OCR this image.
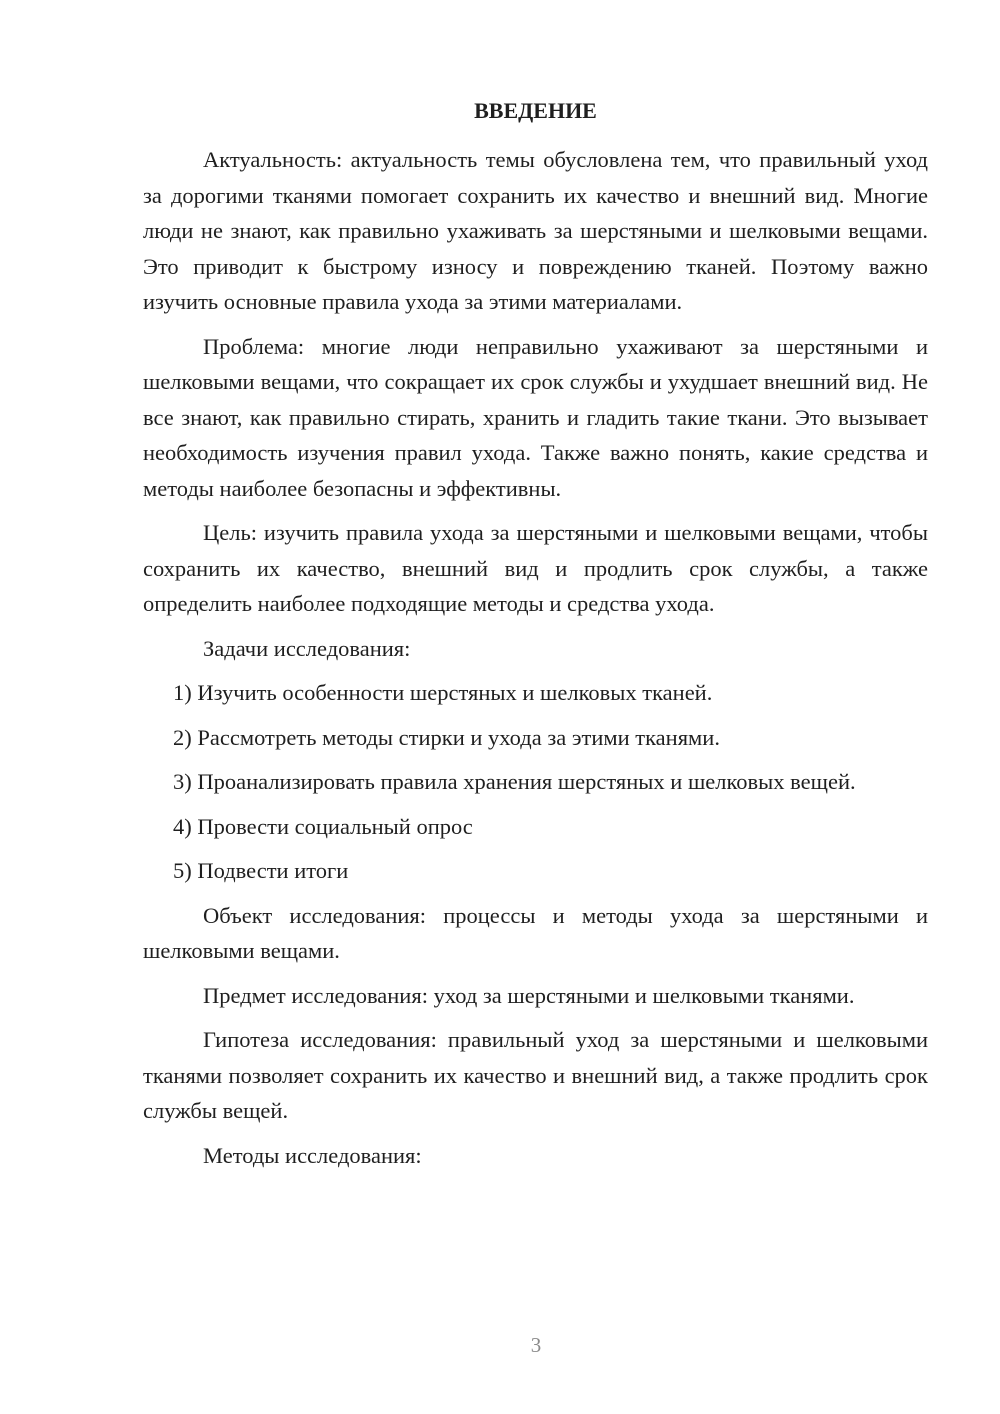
ВВЕДЕНИЕ

Актуальность: актуальность темы обусловлена тем, что правильный уход за дорогими тканями помогает сохранить их качество и внешний вид. Многие люди не знают, как правильно ухаживать за шерстяными и шелковыми вещами. Это приводит к быстрому износу и повреждению тканей. Поэтому важно изучить основные правила ухода за этими материалами.

Проблема: многие люди неправильно ухаживают за шерстяными и шелковыми вещами, что сокращает их срок службы и ухудшает внешний вид. Не все знают, как правильно стирать, хранить и гладить такие ткани. Это вызывает необходимость изучения правил ухода. Также важно понять, какие средства и методы наиболее безопасны и эффективны.

Цель: изучить правила ухода за шерстяными и шелковыми вещами, чтобы сохранить их качество, внешний вид и продлить срок службы, а также определить наиболее подходящие методы и средства ухода.

Задачи исследования:

1) Изучить особенности шерстяных и шелковых тканей.

2) Рассмотреть методы стирки и ухода за этими тканями.

3) Проанализировать правила хранения шерстяных и шелковых вещей.

4) Провести социальный опрос

5) Подвести итоги

Объект исследования: процессы и методы ухода за шерстяными и шелковыми вещами.

Предмет исследования: уход за шерстяными и шелковыми тканями.

Гипотеза исследования: правильный уход за шерстяными и шелковыми тканями позволяет сохранить их качество и внешний вид, а также продлить срок службы вещей.

Методы исследования:

3
